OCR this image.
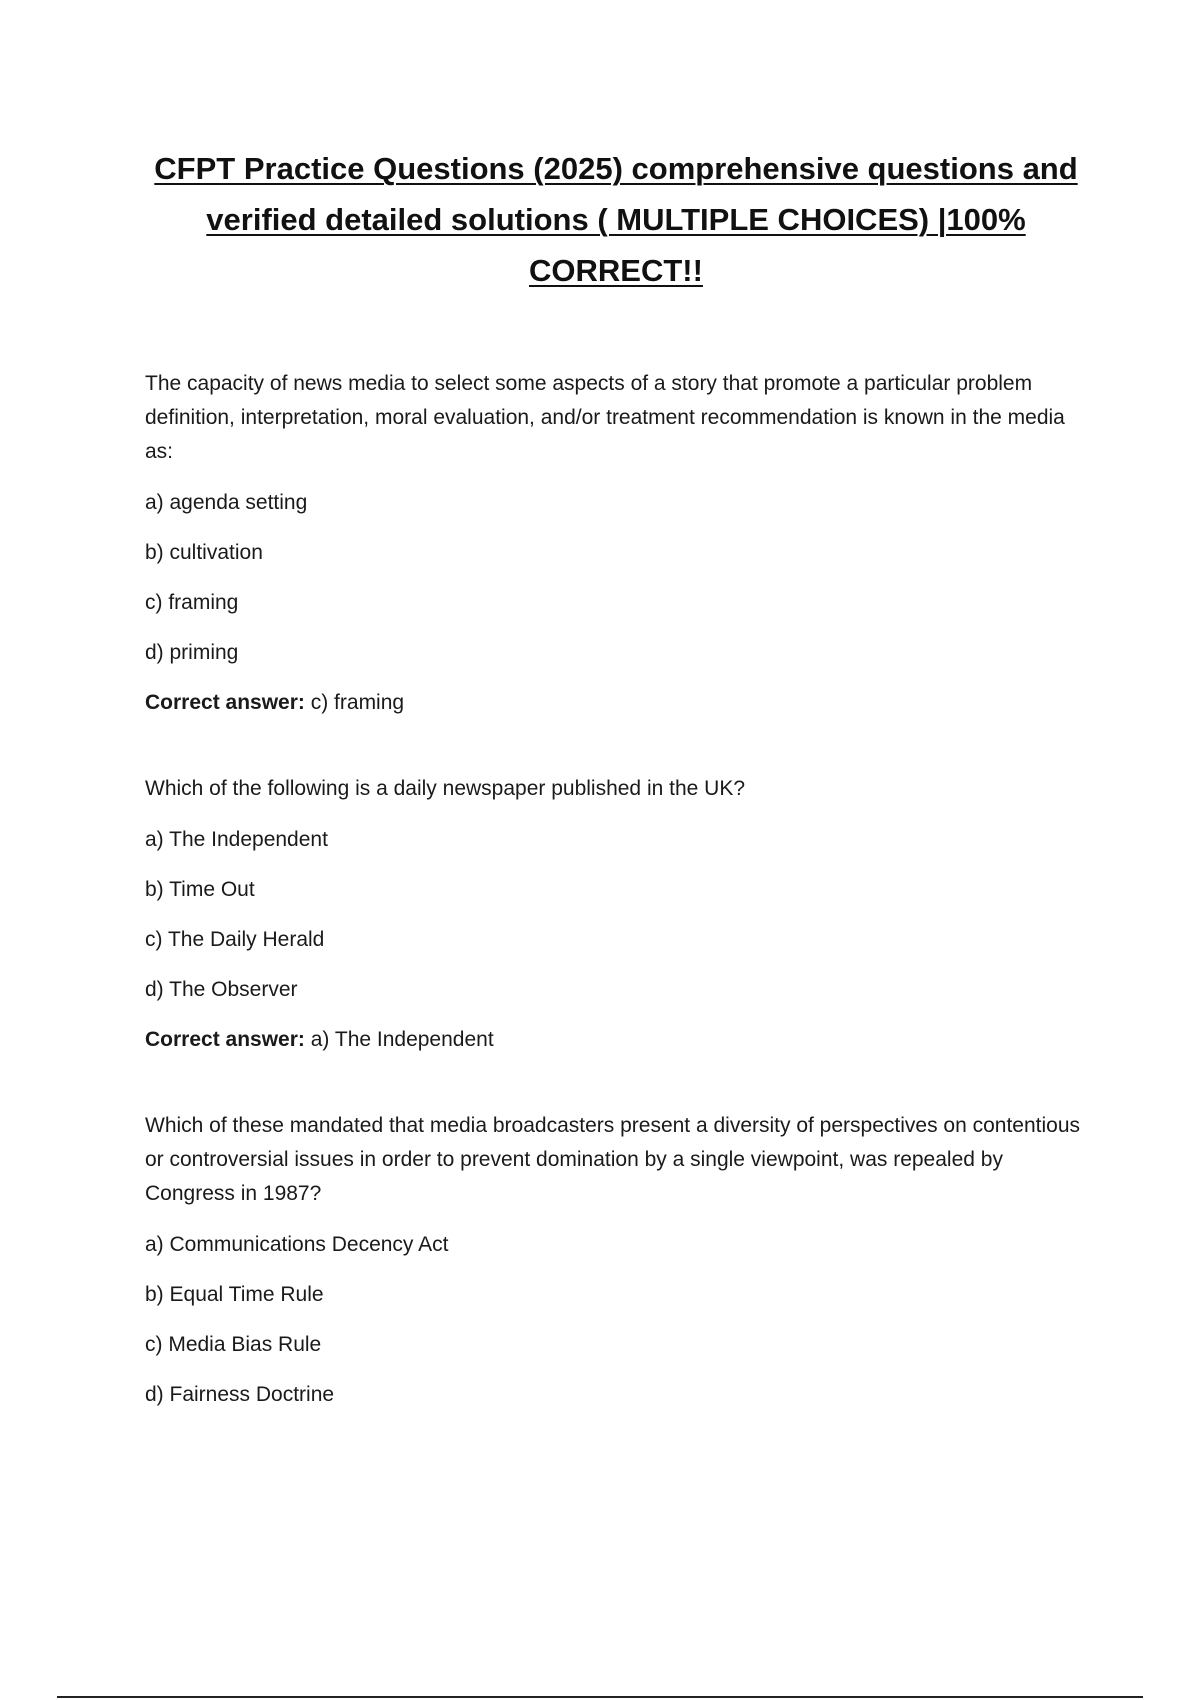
CFPT Practice Questions (2025) comprehensive questions and verified detailed solutions ( MULTIPLE CHOICES) |100% CORRECT!!

The capacity of news media to select some aspects of a story that promote a particular problem definition, interpretation, moral evaluation, and/or treatment recommendation is known in the media as:

a) agenda setting

b) cultivation

c) framing

d) priming

Correct answer: c) framing

Which of the following is a daily newspaper published in the UK?

a) The Independent

b) Time Out

c) The Daily Herald

d) The Observer

Correct answer: a) The Independent

Which of these mandated that media broadcasters present a diversity of perspectives on contentious or controversial issues in order to prevent domination by a single viewpoint, was repealed by Congress in 1987?

a) Communications Decency Act

b) Equal Time Rule

c) Media Bias Rule

d) Fairness Doctrine
